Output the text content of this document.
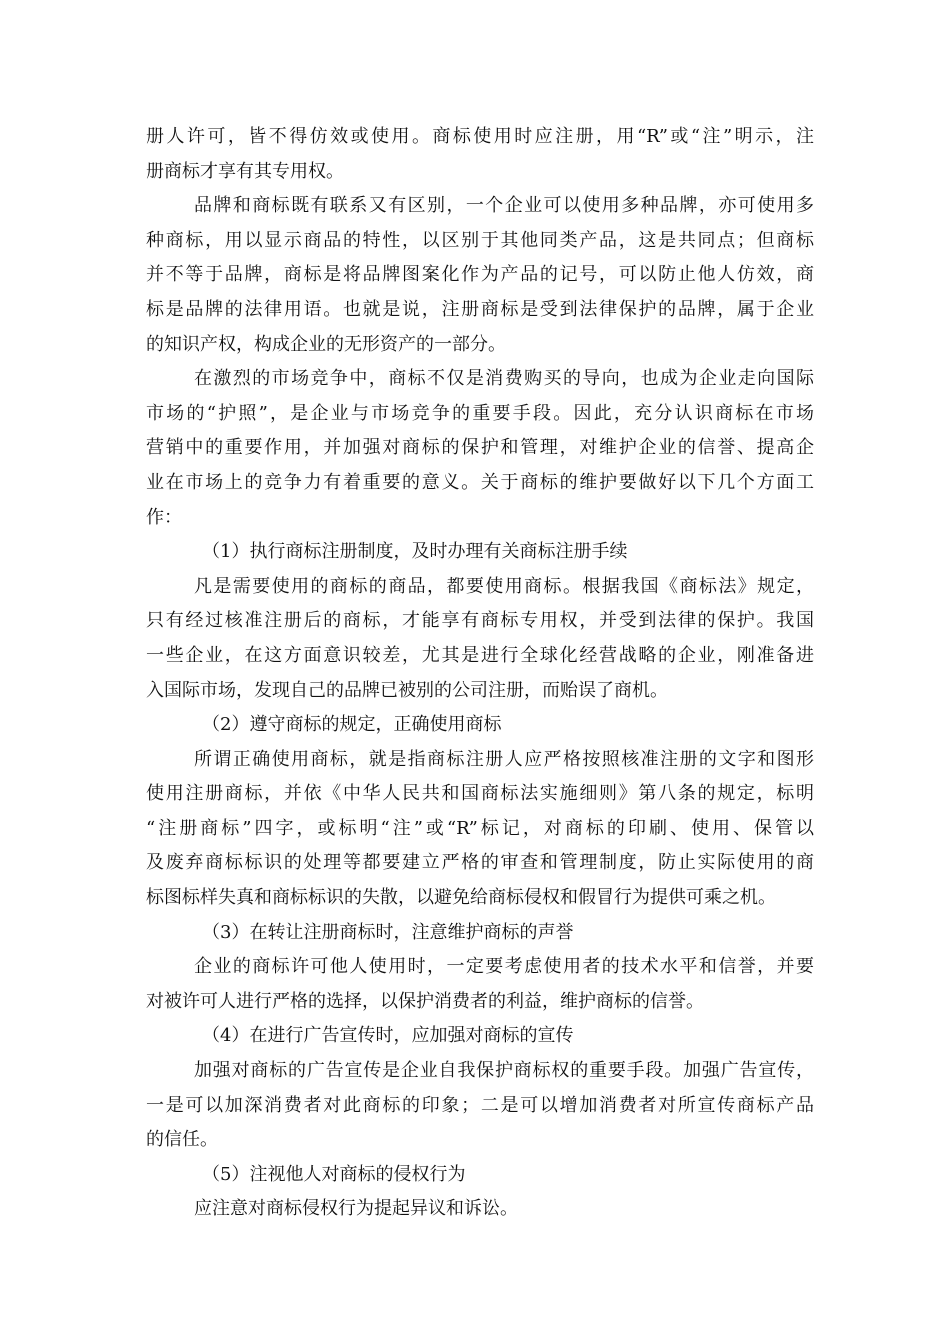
册人许可，皆不得仿效或使用。商标使用时应注册，用“R”或“注”明示，注
册商标才享有其专用权。
品牌和商标既有联系又有区别，一个企业可以使用多种品牌，亦可使用多
种商标，用以显示商品的特性，以区别于其他同类产品，这是共同点；但商标
并不等于品牌，商标是将品牌图案化作为产品的记号，可以防止他人仿效，商
标是品牌的法律用语。也就是说，注册商标是受到法律保护的品牌，属于企业
的知识产权，构成企业的无形资产的一部分。
在激烈的市场竞争中，商标不仅是消费购买的导向，也成为企业走向国际
市场的“护照”，是企业与市场竞争的重要手段。因此，充分认识商标在市场
营销中的重要作用，并加强对商标的保护和管理，对维护企业的信誉、提高企
业在市场上的竞争力有着重要的意义。关于商标的维护要做好以下几个方面工
作：
（1）执行商标注册制度，及时办理有关商标注册手续
凡是需要使用的商标的商品，都要使用商标。根据我国《商标法》规定，
只有经过核准注册后的商标，才能享有商标专用权，并受到法律的保护。我国
一些企业，在这方面意识较差，尤其是进行全球化经营战略的企业，刚准备进
入国际市场，发现自己的品牌已被别的公司注册，而贻误了商机。
（2）遵守商标的规定，正确使用商标
所谓正确使用商标，就是指商标注册人应严格按照核准注册的文字和图形
使用注册商标，并依《中华人民共和国商标法实施细则》第八条的规定，标明
“注册商标”四字，或标明“注”或“R”标记，对商标的印刷、使用、保管以
及废弃商标标识的处理等都要建立严格的审查和管理制度，防止实际使用的商
标图标样失真和商标标识的失散，以避免给商标侵权和假冒行为提供可乘之机。
（3）在转让注册商标时，注意维护商标的声誉
企业的商标许可他人使用时，一定要考虑使用者的技术水平和信誉，并要
对被许可人进行严格的选择，以保护消费者的利益，维护商标的信誉。
（4）在进行广告宣传时，应加强对商标的宣传
加强对商标的广告宣传是企业自我保护商标权的重要手段。加强广告宣传，
一是可以加深消费者对此商标的印象；二是可以增加消费者对所宣传商标产品
的信任。
（5）注视他人对商标的侵权行为
应注意对商标侵权行为提起异议和诉讼。
